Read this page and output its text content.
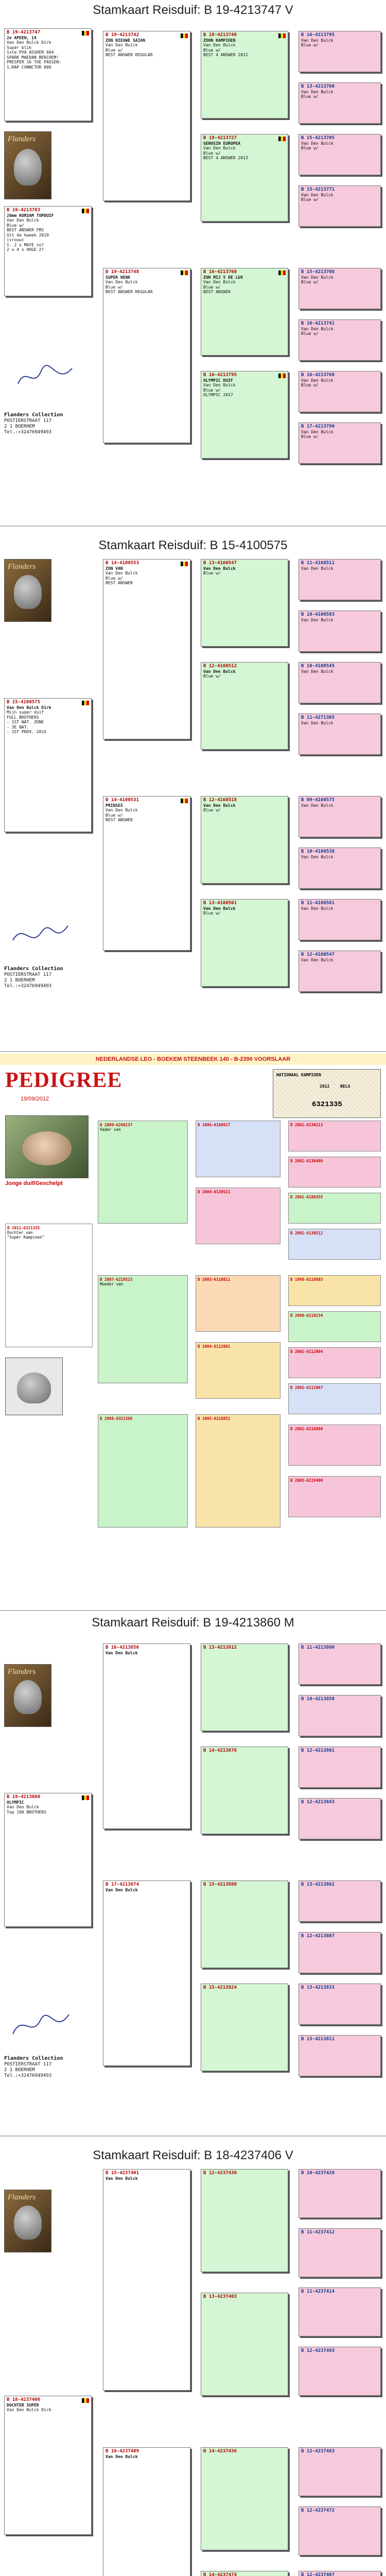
Stamkaart Reisduif: B 19-4213747 V
B 19-4213747
2e APEEN, 14
Van Den Bulck Dirk
Super blik
1ste PVA ASSHER 604
SPARK MAEDAN BERCHEM!
PRESPER 16 TOE PASSEN:
1.RAP CONNCTOR 806
Flanders
B 19-4213783
20mm KORSAM TOPDUIF
Van Den Bulck
Blue w/
BEST ANSWER FM2
Uit de kweek 2019
(vrouw)
1. 2 x MAYE zo?
2 x 4 x HOGE 2?
Flanders Collection
POSTIERSTRAAT 117
2 1 BOERHEM
Tel.:+32476949493
B 19-4213742
ZON NIEUWE SAIAN
Van Den Bulck
Blue w/
BEST ANSWER REGULAR
B 19-4213748
SUPER HENK
Van Den Bulck
Blue w/
BEST ANSWER REGULAR
B 18-4213748
ZOON KAMPIOEN
Van Den Bulck
Blue w/
BEST 4 ANSWER 2012
B 19-4213727
GENOSIN EUROPEA
Van Den Bulck
Blue w/
BEST 4 ANSWER 2013
B 16-4213760
ZON MIJ 5 DE LUX
Van Den Bulck
Blue w/
BEST ANSWER
B 16-4213795
OLYMPIC DUIF
Van Den Bulck
Blue w/
OLYMPIC 2017
B 16-4213795
Van Den Bulck
Blue w/
B 13-4213700
Van Den Bulck
Blue w/
B 15-4213705
Van Den Bulck
Blue w/
B 15-4213771
Van Den Bulck
Blue w/
B 15-4213708
Van Den Bulck
Blue w/
B 16-4213741
Van Den Bulck
Blue w/
B 16-4213760
Van Den Bulck
Blue w/
B 17-4213790
Van Den Bulck
Blue w/
Stamkaart Reisduif: B 15-4100575
Flanders
B 15-4100575
Van Den Bulck Dirk
Mijn super duif
FULL BROTHERS
- 1ST NAT. ZONE
- 3E NAT.
- 1ST PROV. 2015
Flanders Collection
POSTIERSTRAAT 117
2 1 BOERHEM
Tel.:+32476949493
B 14-4100553
ZON VAN
Van Den Bulck
Blue w/
BEST ANSWER
B 14-4100531
PRINSES
Van Den Bulck
Blue w/
BEST ANSWER
B 13-4160547
Van Den Bulck
Blue w/
B 12-4100512
Van Den Bulck
Blue w/
B 12-4160518
Van Den Bulck
Blue w/
B 13-4100501
Van Den Bulck
Blue w/
B 11-4160511
Van Den Bulck
B 10-4100503
Van Den Bulck
B 10-4100545
Van Den Bulck
B 11-4271305
Van Den Bulck
B 09-4100575
Van Den Bulck
B 10-4100538
Van Den Bulck
B 11-4100581
Van Den Bulck
B 12-4100547
Van Den Bulck
NEDERLANDSE LEO - BOEKEM STEENBEEK 140 - B-2390 VOORSLAAR
PEDIGREE
19/09/2012
NATIONAAL KAMPIOEN
2012	BELG
6321335
Jonge duif/Geschelpt
B 2012-6321335
Dochter van
"Super Kampioen"
B 2009-6260137
Vader van
B 2007-6219523
Moeder van
B 2006-6180917
B 2004-6130521
B 2003-6110811
B 2004-6112001
B 2001-6130213
B 2002-6130400
B 2001-6180355
B 2002-6130512
B 1998-6110803
B 2000-6110234
B 2001-6112004
B 2002-6112067
B 2008-6321300	B 2005-6218851
B 2002-6218800
B 2003-6219400
Stamkaart Reisduif: B 19-4213860 M
Flanders
B 19-4213860
OLYMPIC
Van Den Bulck
Top 100 BROTHERS
Flanders Collection
POSTIERSTRAAT 117
2 1 BOERHEM
Tel.:+32476949493
B 16-4213856
Van Den Bulck
B 17-4213874
Van Den Bulck
B 13-4213812
B 14-4213876
B 15-4213880
B 15-4213824
B 11-4213800
B 10-4213858
B 12-4213801
B 12-4213843
B 13-4213862
B 12-4213807
B 13-4213833
B 13-4213811
Stamkaart Reisduif: B 18-4237406 V
Flanders
B 18-4237406
DOCHTER SUPER
Van Den Bulck Dirk

B 15-4237401
Van Den Bulck
B 16-4237409
Van Den Bulck
B 12-4237430
B 13-4237403
B 14-4237436
B 14-4237474
B 10-4237420
B 11-4237412
B 11-4237414
B 12-4237493
B 12-4237483
B 12-4237472
B 12-4237407
